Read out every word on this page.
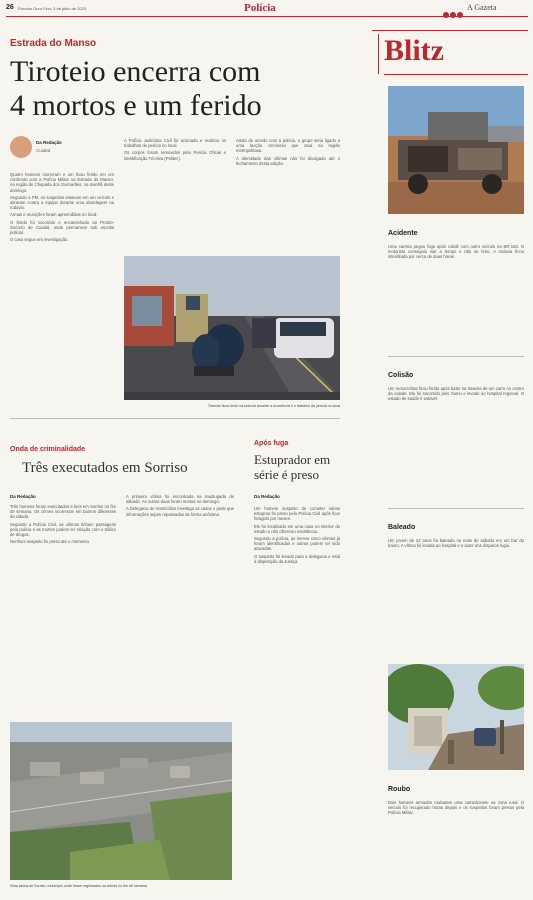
26 Rondon Ouro Fino, 3 de julho de 2023	Polícia	A Gazeta
Estrada do Manso
Tiroteio encerra com
4 mortos e um ferido
Da Redação
Cuiabá

Quatro homens morreram e um ficou ferido em um confronto com a Polícia Militar na Estrada do Manso, na região de Chapada dos Guimarães, na manhã deste domingo.

Segundo a PM, os suspeitos estavam em um veículo e atiraram contra a equipe durante uma abordagem na rodovia.

Armas e munições foram apreendidas no local.

O ferido foi socorrido e encaminhado ao Pronto-Socorro de Cuiabá, onde permanece sob escolta policial.

O caso segue em investigação.

A Polícia Judiciária Civil foi acionada e realizou os trabalhos de perícia no local.

Os corpos foram removidos pela Perícia Oficial e Identificação Técnica (Politec).

Ainda de acordo com a polícia, o grupo seria ligado a uma facção criminosa que atua na região metropolitana.

A identidade das vítimas não foi divulgada até o fechamento desta edição.

Trânsito ficou lento na rodovia durante a ocorrência e o trabalho da perícia no local
Onda de criminalidade
Três executados em Sorriso
Da Redação

Três homens foram executados a tiros em Sorriso no fim de semana. Os crimes ocorreram em bairros diferentes da cidade.

Segundo a Polícia Civil, as vítimas tinham passagens pela polícia e as mortes podem ter relação com o tráfico de drogas.

Nenhum suspeito foi preso até o momento.

A primeira vítima foi encontrada na madrugada de sábado. As outras duas foram mortas no domingo.

A Delegacia de Homicídios investiga os casos e pede que informações sejam repassadas de forma anônima.

Vista aérea de Sorriso, município onde foram registrados os crimes no fim de semana
Após fuga
Estuprador em
série é preso
Da Redação

Um homem suspeito de cometer vários estupros foi preso pela Polícia Civil após ficar foragido por meses.

Ele foi localizado em uma casa no interior do estado e não ofereceu resistência.

Segundo a polícia, ao menos cinco vítimas já foram identificadas e outras podem ter sido atacadas.

O suspeito foi levado para a delegacia e está à disposição da Justiça.

Blitz
Acidente
Uma carreta pegou fogo após colidir com outro veículo na BR-163. O motorista conseguiu sair a tempo e não se feriu. A rodovia ficou interditada por cerca de duas horas.
Colisão
Um motociclista ficou ferido após bater na traseira de um carro no centro da cidade. Ele foi socorrido pelo Samu e levado ao hospital regional. O estado de saúde é estável.
Baleado
Um jovem de 22 anos foi baleado na noite de sábado em um bar do bairro. A vítima foi levada ao hospital e o autor dos disparos fugiu.
Roubo
Dois homens armados roubaram uma caminhonete na zona rural. O veículo foi recuperado horas depois e os suspeitos foram presos pela Polícia Militar.
